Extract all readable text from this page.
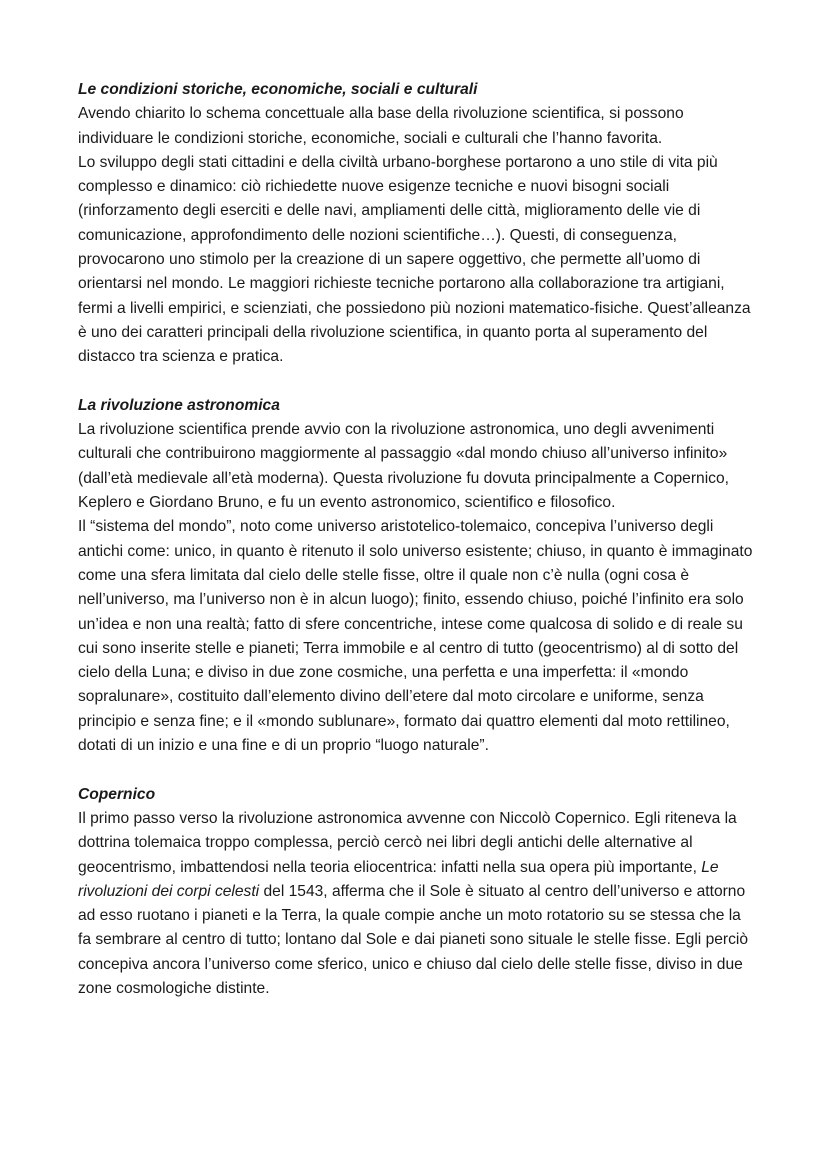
Le condizioni storiche, economiche, sociali e culturali

Avendo chiarito lo schema concettuale alla base della rivoluzione scientifica, si possono individuare le condizioni storiche, economiche, sociali e culturali che l’hanno favorita.

Lo sviluppo degli stati cittadini e della civiltà urbano-borghese portarono a uno stile di vita più complesso e dinamico: ciò richiedette nuove esigenze tecniche e nuovi bisogni sociali (rinforzamento degli eserciti e delle navi, ampliamenti delle città, miglioramento delle vie di comunicazione, approfondimento delle nozioni scientifiche…). Questi, di conseguenza, provocarono uno stimolo per la creazione di un sapere oggettivo, che permette all’uomo di orientarsi nel mondo. Le maggiori richieste tecniche portarono alla collaborazione tra artigiani, fermi a livelli empirici, e scienziati, che possiedono più nozioni matematico-fisiche. Quest’alleanza è uno dei caratteri principali della rivoluzione scientifica, in quanto porta al superamento del distacco tra scienza e pratica.

La rivoluzione astronomica

La rivoluzione scientifica prende avvio con la rivoluzione astronomica, uno degli avvenimenti culturali che contribuirono maggiormente al passaggio «dal mondo chiuso all’universo infinito» (dall’età medievale all’età moderna). Questa rivoluzione fu dovuta principalmente a Copernico, Keplero e Giordano Bruno, e fu un evento astronomico, scientifico e filosofico.

Il “sistema del mondo”, noto come universo aristotelico-tolemaico, concepiva l’universo degli antichi come: unico, in quanto è ritenuto il solo universo esistente; chiuso, in quanto è immaginato come una sfera limitata dal cielo delle stelle fisse, oltre il quale non c’è nulla (ogni cosa è nell’universo, ma l’universo non è in alcun luogo); finito, essendo chiuso, poiché l’infinito era solo un’idea e non una realtà; fatto di sfere concentriche, intese come qualcosa di solido e di reale su cui sono inserite stelle e pianeti; Terra immobile e al centro di tutto (geocentrismo) al di sotto del cielo della Luna; e diviso in due zone cosmiche, una perfetta e una imperfetta: il «mondo sopralunare», costituito dall’elemento divino dell’etere dal moto circolare e uniforme, senza principio e senza fine; e il «mondo sublunare», formato dai quattro elementi dal moto rettilineo, dotati di un inizio e una fine e di un proprio “luogo naturale”.

Copernico

Il primo passo verso la rivoluzione astronomica avvenne con Niccolò Copernico. Egli riteneva la dottrina tolemaica troppo complessa, perciò cercò nei libri degli antichi delle alternative al geocentrismo, imbattendosi nella teoria eliocentrica: infatti nella sua opera più importante, Le rivoluzioni dei corpi celesti del 1543, afferma che il Sole è situato al centro dell’universo e attorno ad esso ruotano i pianeti e la Terra, la quale compie anche un moto rotatorio su se stessa che la fa sembrare al centro di tutto; lontano dal Sole e dai pianeti sono situale le stelle fisse. Egli perciò concepiva ancora l’universo come sferico, unico e chiuso dal cielo delle stelle fisse, diviso in due zone cosmologiche distinte.
